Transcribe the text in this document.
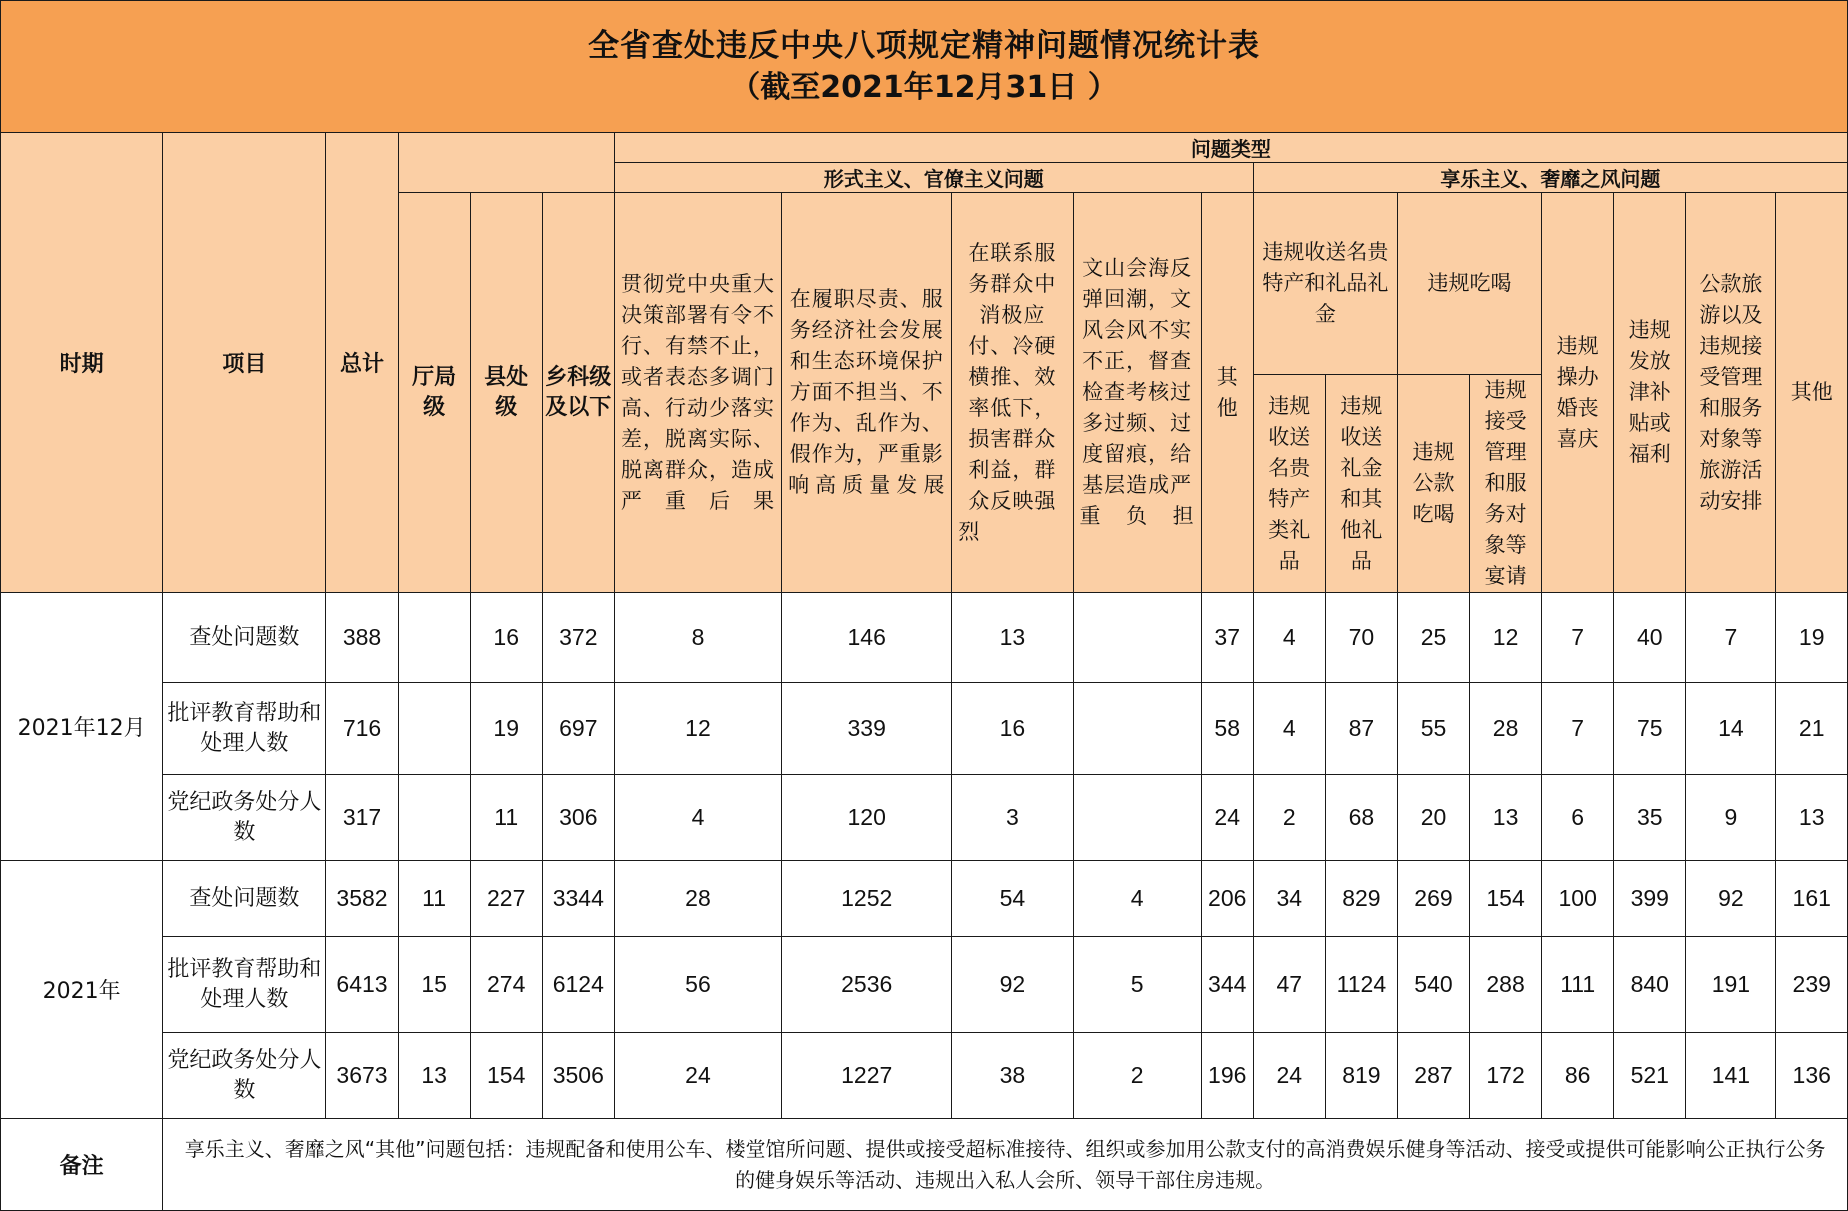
全省查处违反中央八项规定精神问题情况统计表
（截至2021年12月31日 ）																		

时期	项目	总计				问题类型												
						形式主义、官僚主义问题					享乐主义、奢靡之风问题							

			厅局级	县处级	乡科级及以下	贯彻党中央重大决策部署有令不行、有禁不止，或者表态多调门高、行动少落实差，脱离实际、脱离群众，造成严重后果	在履职尽责、服务经济社会发展和生态环境保护方面不担当、不作为、乱作为、假作为，严重影响高质量发展	在联系服务群众中消极应付、冷硬横推、效率低下，损害群众利益，群众反映强烈	文山会海反弹回潮，文风会风不实不正，督查检查考核过多过频、过度留痕，给基层造成严重负担	其他	违规收送名贵特产和礼品礼金		违规吃喝		违规操办婚丧喜庆	违规发放津补贴或福利	公款旅游以及违规接受管理和服务对象等旅游活动安排	其他

											违规收送名贵特产类礼品	违规收送礼金和其他礼品	违规公款吃喝	违规接受管理和服务对象等宴请				

2021年12月	查处问题数	388		16	372	8	146	13		37	4	70	25	12	7	40	7	19
	批评教育帮助和处理人数	716		19	697	12	339	16		58	4	87	55	28	7	75	14	21
	党纪政务处分人数	317		11	306	4	120	3		24	2	68	20	13	6	35	9	13
2021年	查处问题数	3582	11	227	3344	28	1252	54	4	206	34	829	269	154	100	399	92	161
	批评教育帮助和处理人数	6413	15	274	6124	56	2536	92	5	344	47	1124	540	288	111	840	191	239
	党纪政务处分人数	3673	13	154	3506	24	1227	38	2	196	24	819	287	172	86	521	141	136
备注	享乐主义、奢靡之风“其他”问题包括：违规配备和使用公车、楼堂馆所问题、提供或接受超标准接待、组织或参加用公款支付的高消费娱乐健身等活动、接受或提供可能影响公正执行公务的健身娱乐等活动、违规出入私人会所、领导干部住房违规。																	
